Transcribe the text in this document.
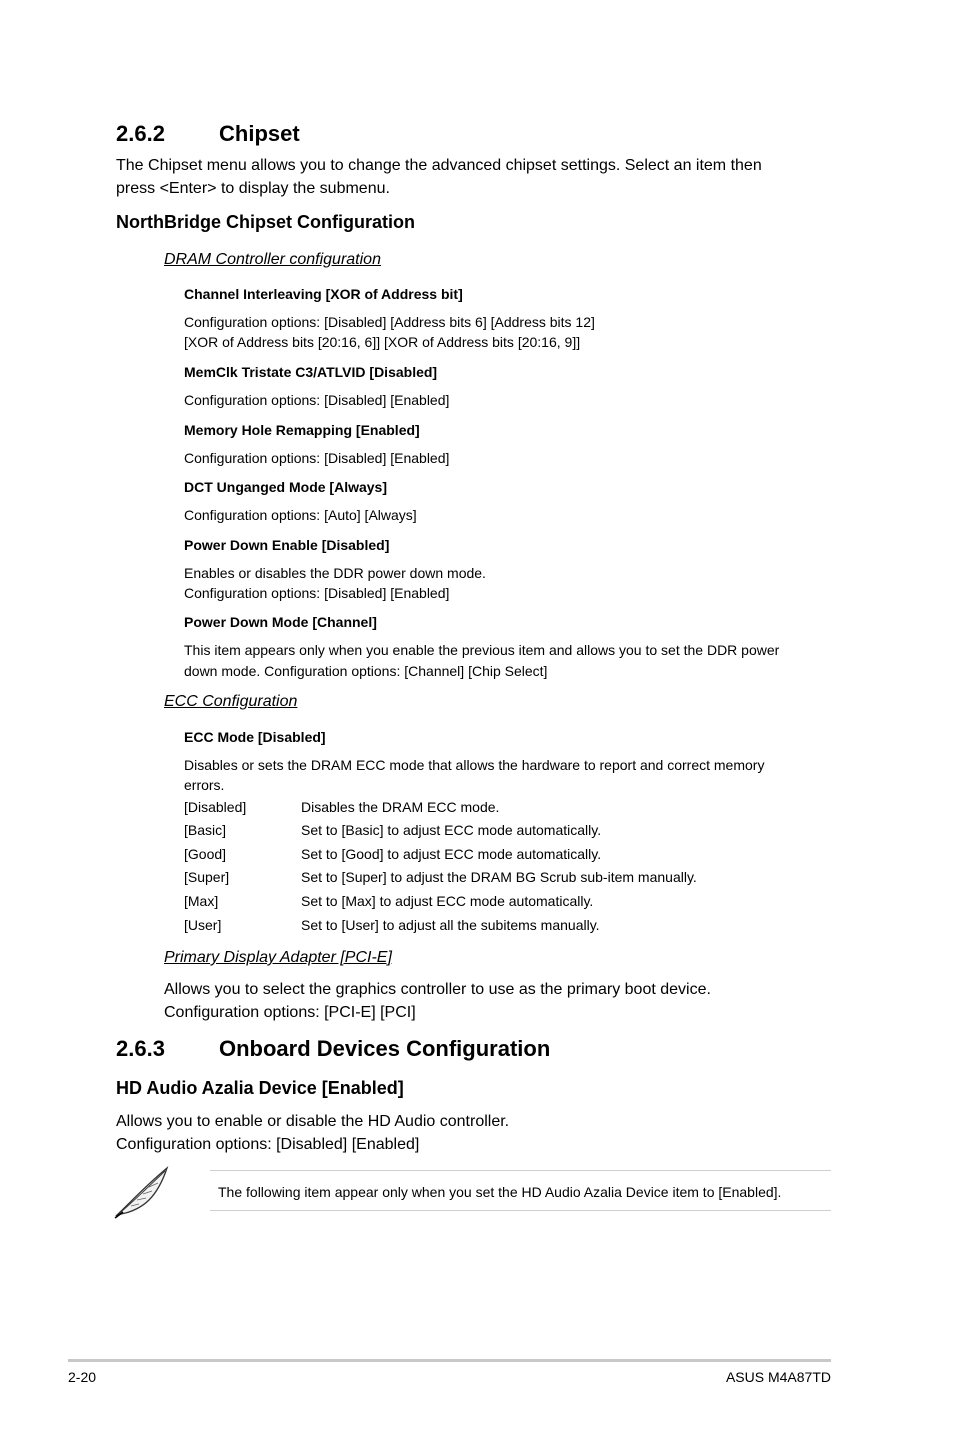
2.6.2 Chipset
The Chipset menu allows you to change the advanced chipset settings. Select an item then
press <Enter> to display the submenu.
NorthBridge Chipset Configuration
DRAM Controller configuration
Channel Interleaving [XOR of Address bit]
Configuration options: [Disabled] [Address bits 6] [Address bits 12]
[XOR of Address bits [20:16, 6]] [XOR of Address bits [20:16, 9]]
MemClk Tristate C3/ATLVID [Disabled]
Configuration options: [Disabled] [Enabled]
Memory Hole Remapping [Enabled]
Configuration options: [Disabled] [Enabled]
DCT Unganged Mode [Always]
Configuration options: [Auto] [Always]
Power Down Enable [Disabled]
Enables or disables the DDR power down mode.
Configuration options: [Disabled] [Enabled]
Power Down Mode [Channel]
This item appears only when you enable the previous item and allows you to set the DDR power
down mode. Configuration options: [Channel] [Chip Select]
ECC Configuration
ECC Mode [Disabled]
Disables or sets the DRAM ECC mode that allows the hardware to report and correct memory
errors.
[Disabled]	Disables the DRAM ECC mode.
[Basic]	Set to [Basic] to adjust ECC mode automatically.
[Good]	Set to [Good] to adjust ECC mode automatically.
[Super]	Set to [Super] to adjust the DRAM BG Scrub sub-item manually.
[Max]	Set to [Max] to adjust ECC mode automatically.
[User]	Set to [User] to adjust all the subitems manually.
Primary Display Adapter [PCI-E]
Allows you to select the graphics controller to use as the primary boot device.
Configuration options: [PCI-E] [PCI]
2.6.3 Onboard Devices Configuration
HD Audio Azalia Device [Enabled]
Allows you to enable or disable the HD Audio controller.
Configuration options: [Disabled] [Enabled]
The following item appear only when you set the HD Audio Azalia Device item to [Enabled].
2-20	ASUS M4A87TD
